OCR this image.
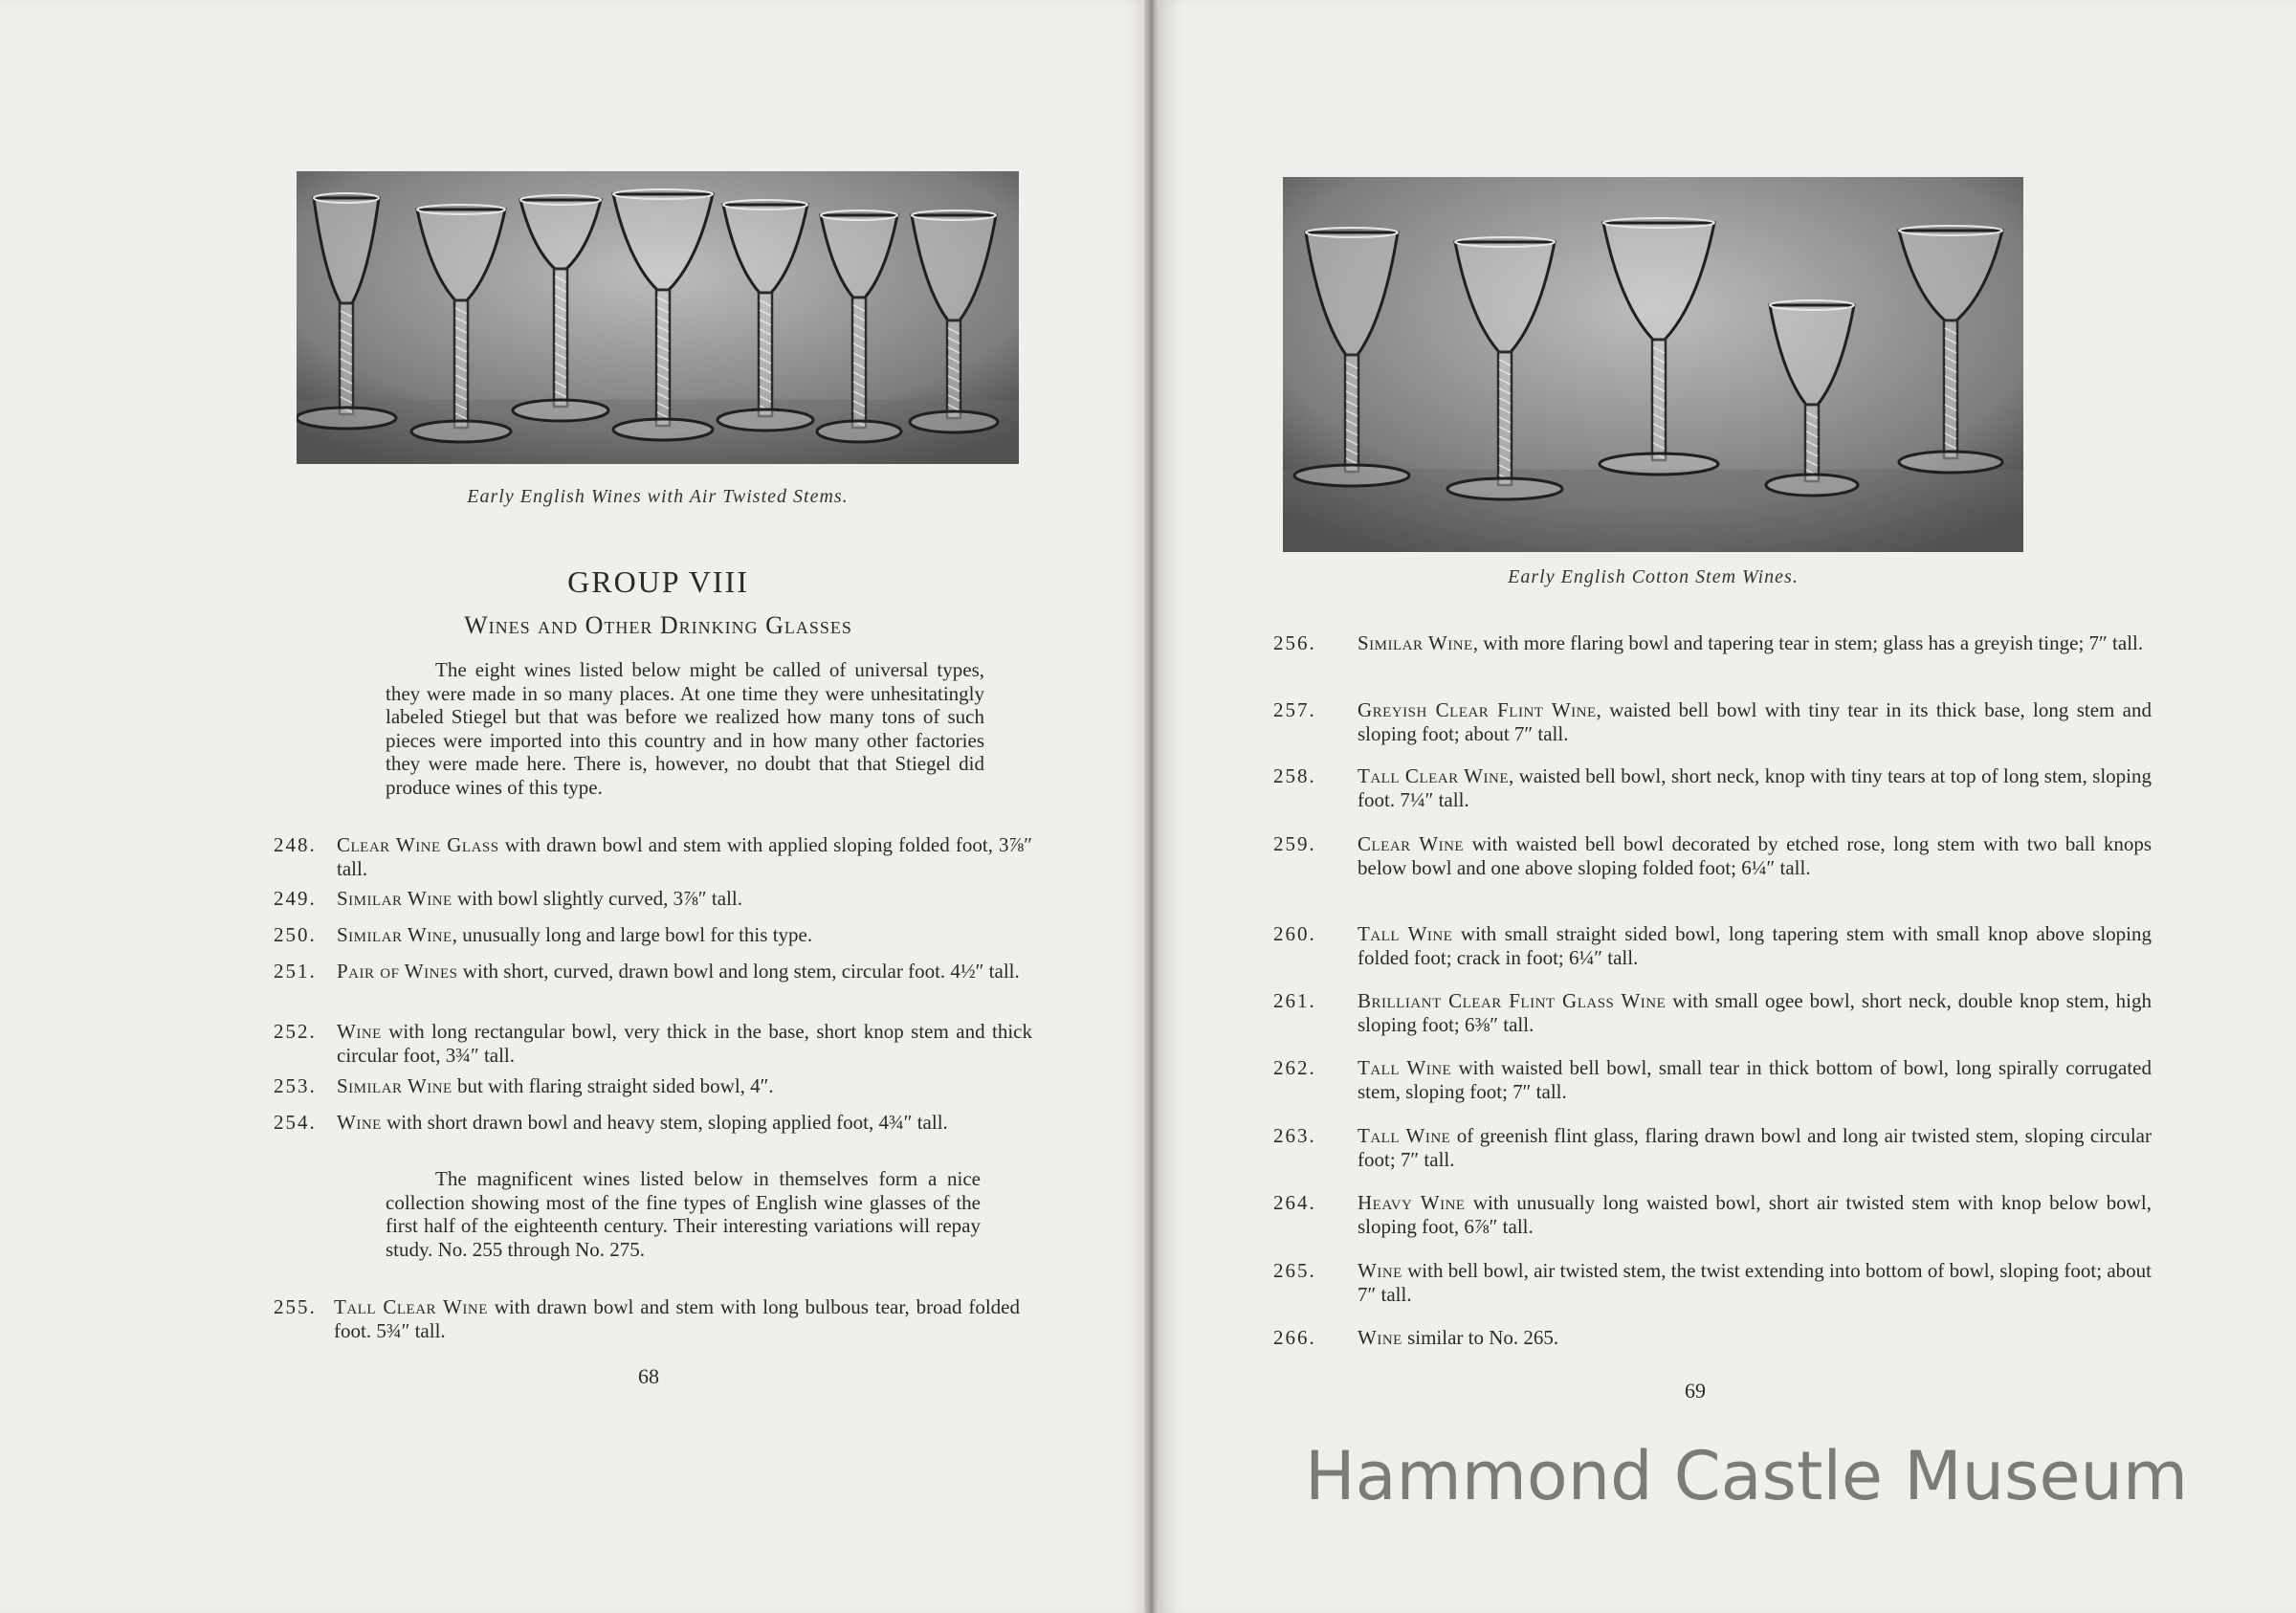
Early English Wines with Air Twisted Stems.
GROUP VIII
Wines and Other Drinking Glasses

The eight wines listed below might be called of universal types, they were made in so many places. At one time they were unhesitatingly labeled Stiegel but that was before we realized how many tons of such pieces were imported into this country and in how many other factories they were made here. There is, however, no doubt that that Stiegel did produce wines of this type.

248. Clear Wine Glass with drawn bowl and stem with applied sloping folded foot, 3⅞″ tall.
249. Similar Wine with bowl slightly curved, 3⅞″ tall.
250. Similar Wine, unusually long and large bowl for this type.
251. Pair of Wines with short, curved, drawn bowl and long stem, circular foot. 4½″ tall.
252. Wine with long rectangular bowl, very thick in the base, short knop stem and thick circular foot, 3¾″ tall.
253. Similar Wine but with flaring straight sided bowl, 4″.
254. Wine with short drawn bowl and heavy stem, sloping applied foot, 4¾″ tall.

The magnificent wines listed below in themselves form a nice collection showing most of the fine types of English wine glasses of the first half of the eighteenth century. Their interesting variations will repay study. No. 255 through No. 275.

255. Tall Clear Wine with drawn bowl and stem with long bulbous tear, broad folded foot. 5¾″ tall.
68
Early English Cotton Stem Wines.
256. Similar Wine, with more flaring bowl and tapering tear in stem; glass has a greyish tinge; 7″ tall.
257. Greyish Clear Flint Wine, waisted bell bowl with tiny tear in its thick base, long stem and sloping foot; about 7″ tall.
258. Tall Clear Wine, waisted bell bowl, short neck, knop with tiny tears at top of long stem, sloping foot. 7¼″ tall.
259. Clear Wine with waisted bell bowl decorated by etched rose, long stem with two ball knops below bowl and one above sloping folded foot; 6¼″ tall.
260. Tall Wine with small straight sided bowl, long tapering stem with small knop above sloping folded foot; crack in foot; 6¼″ tall.
261. Brilliant Clear Flint Glass Wine with small ogee bowl, short neck, double knop stem, high sloping foot; 6⅜″ tall.
262. Tall Wine with waisted bell bowl, small tear in thick bottom of bowl, long spirally corrugated stem, sloping foot; 7″ tall.
263. Tall Wine of greenish flint glass, flaring drawn bowl and long air twisted stem, sloping circular foot; 7″ tall.
264. Heavy Wine with unusually long waisted bowl, short air twisted stem with knop below bowl, sloping foot, 6⅞″ tall.
265. Wine with bell bowl, air twisted stem, the twist extending into bottom of bowl, sloping foot; about 7″ tall.
266. Wine similar to No. 265.
69
Hammond Castle Museum
